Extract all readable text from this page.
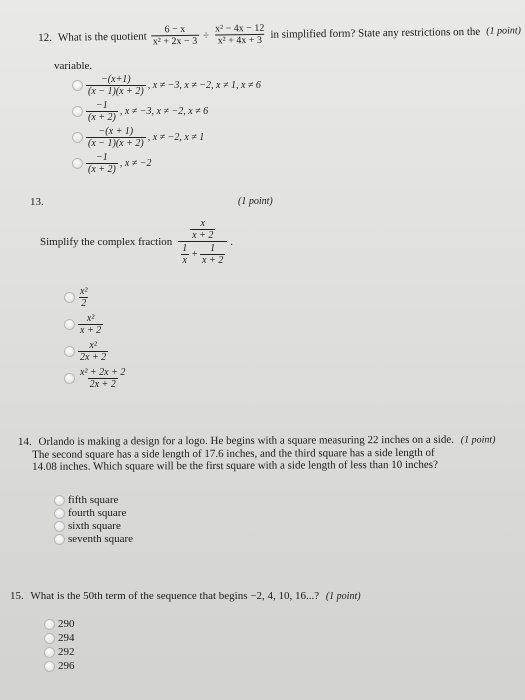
12. What is the quotient $\frac{6 - x}{\text{x² + 2x − 3}} \div \frac{\text{x² − 4x − 12}}{\text{x² + 4x + 3}}$ in simplified form? State any restrictions on the (1 point)
variable.
$\frac{-(x+1)}{(x - 1)(x + 2)}$ , x ≠ −3, x ≠ −2, x ≠ 1, x ≠ 6
$\frac{-1}{(x + 2)}$ , x ≠ −3, x ≠ −2, x ≠ 6
$\frac{-(x + 1)}{(x - 1)(x + 2)}$ , x ≠ −2, x ≠ 1
$\frac{-1}{(x + 2)}$ , x ≠ −2
13.	(1 point)
Simplify the complex fraction x
x + 2
$\frac{1}{x} + \frac{1}{x + 2}$ .
$\frac{\text{x²}}{2}$
$\frac{\text{x²}}{x + 2}$
$\frac{\text{x²}}{2x + 2}$
$\frac{\text{x² + 2x + 2}}{2x + 2}$
14. Orlando is making a design for a logo. He begins with a square measuring 22 inches on a side. (1 point)
The second square has a side length of 17.6 inches, and the third square has a side length of
14.08 inches. Which square will be the first square with a side length of less than 10 inches?
fifth square
fourth square
sixth square
seventh square
15. What is the 50th term of the sequence that begins −2, 4, 10, 16...? (1 point)
290
294
292
296
